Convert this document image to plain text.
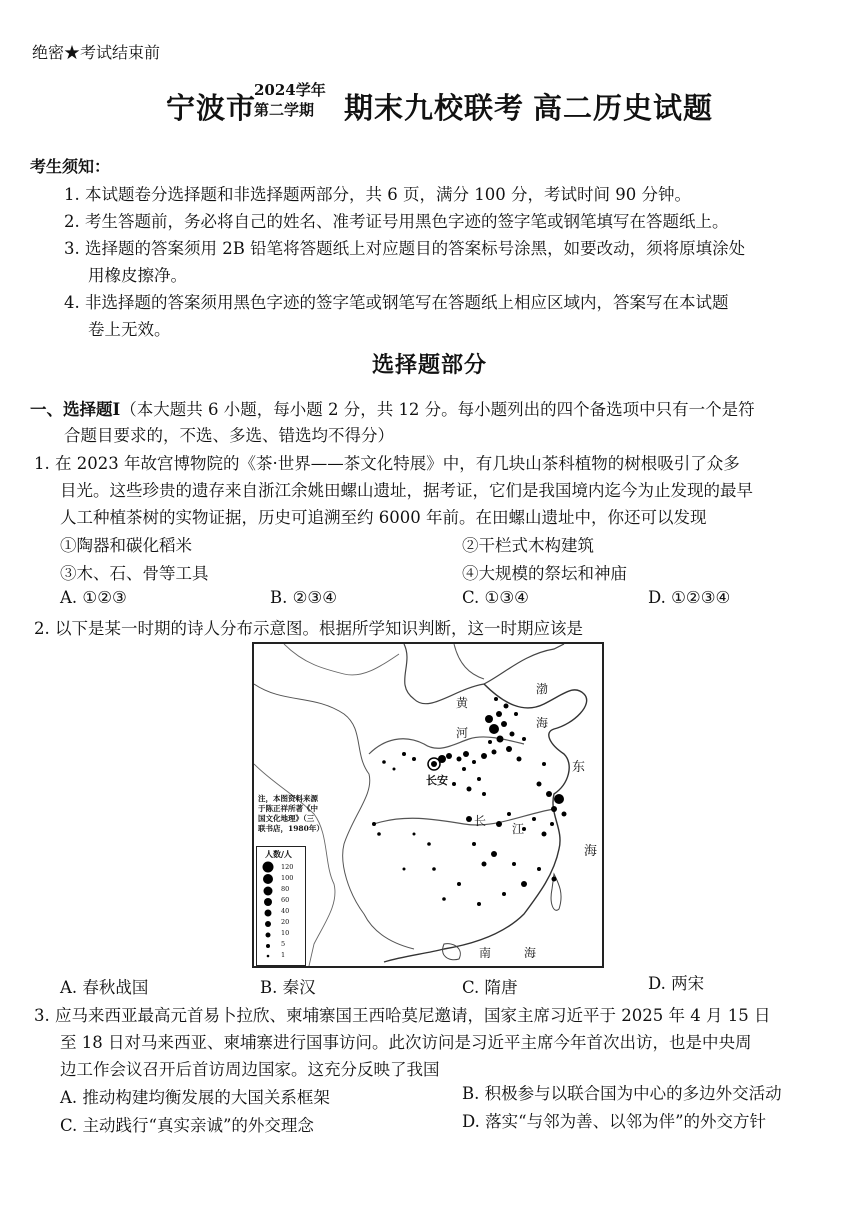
绝密★考试结束前
宁波市
2024学年
第二学期	期末九校联考 高二历史试题
考生须知：
1. 本试题卷分选择题和非选择题两部分，共 6 页，满分 100 分，考试时间 90 分钟。
2. 考生答题前，务必将自己的姓名、准考证号用黑色字迹的签字笔或钢笔填写在答题纸上。
3. 选择题的答案须用 2B 铅笔将答题纸上对应题目的答案标号涂黑，如要改动，须将原填涂处
用橡皮擦净。
4. 非选择题的答案须用黑色字迹的签字笔或钢笔写在答题纸上相应区域内，答案写在本试题
卷上无效。
选择题部分
一、选择题Ⅰ（本大题共 6 小题，每小题 2 分，共 12 分。每小题列出的四个备选项中只有一个是符
合题目要求的，不选、多选、错选均不得分）
1. 在 2023 年故宫博物院的《茶·世界——茶文化特展》中，有几块山茶科植物的树根吸引了众多
目光。这些珍贵的遗存来自浙江余姚田螺山遗址，据考证，它们是我国境内迄今为止发现的最早
人工种植茶树的实物证据，历史可追溯至约 6000 年前。在田螺山遗址中，你还可以发现
①陶器和碳化稻米	②干栏式木构建筑
③木、石、骨等工具	④大规模的祭坛和神庙
A. ①②③	B. ②③④	C. ①③④	D. ①②③④
2. 以下是某一时期的诗人分布示意图。根据所学知识判断，这一时期应该是
黄
河
渤
海
东
海
长安
长
江
南	海
注，本图资料来源
于陈正祥所著《中
国文化地理》（三
联书店，1980年）
人数/人
120
100
80
60
40
20
10
5
1
A. 春秋战国	B. 秦汉	C. 隋唐	D. 两宋
3. 应马来西亚最高元首易卜拉欣、柬埔寨国王西哈莫尼邀请，国家主席习近平于 2025 年 4 月 15 日
至 18 日对马来西亚、柬埔寨进行国事访问。此次访问是习近平主席今年首次出访，也是中央周
边工作会议召开后首访周边国家。这充分反映了我国
A. 推动构建均衡发展的大国关系框架	B. 积极参与以联合国为中心的多边外交活动
C. 主动践行“真实亲诚”的外交理念	D. 落实“与邻为善、以邻为伴”的外交方针
